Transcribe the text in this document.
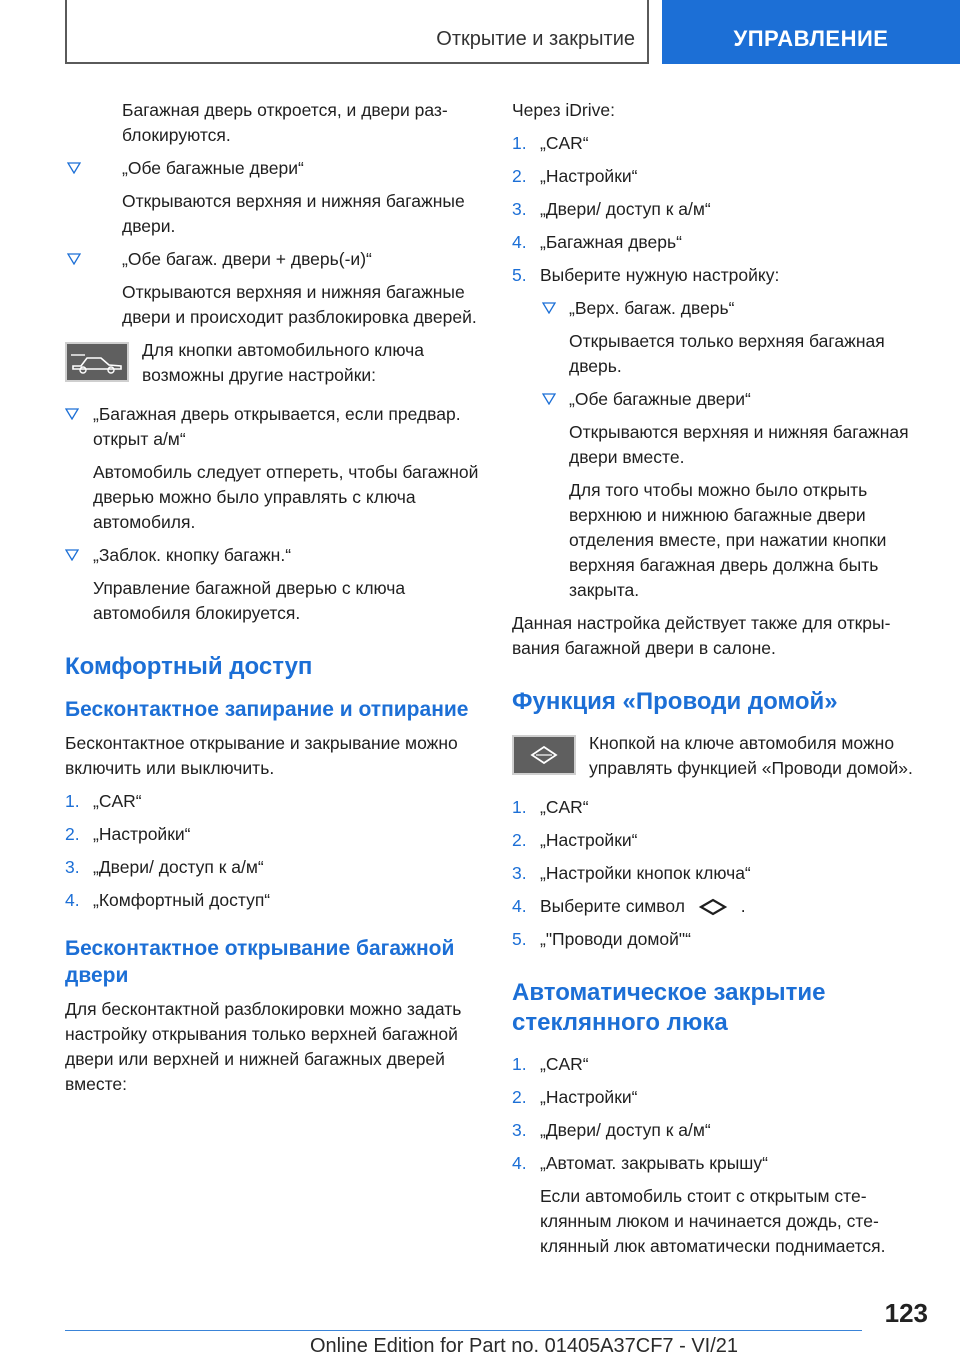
Открытие и закрытие	УПРАВЛЕНИЕ
Багажная дверь откроется, и двери разблокируются.
„Обе багажные двери“
Открываются верхняя и нижняя багажные двери.
„Обе багаж. двери + дверь(-и)“
Открываются верхняя и нижняя багажные двери и происходит разблокировка дверей.
Для кнопки автомобильного ключа возможны другие настройки:
„Багажная дверь открывается, если предвар. открыт а/м“
Автомобиль следует отпереть, чтобы багажной дверью можно было управлять с ключа автомобиля.
„Заблок. кнопку багажн.“
Управление багажной дверью с ключа автомобиля блокируется.
Комфортный доступ
Бесконтактное запирание и отпирание
Бесконтактное открывание и закрывание можно включить или выключить.
1. „CAR“
2. „Настройки“
3. „Двери/ доступ к а/м“
4. „Комфортный доступ“
Бесконтактное открывание багажной двери
Для бесконтактной разблокировки можно задать настройку открывания только верхней багажной двери или верхней и нижней багажных дверей вместе:
Через iDrive:
1. „CAR“
2. „Настройки“
3. „Двери/ доступ к а/м“
4. „Багажная дверь“
5. Выберите нужную настройку:
„Верх. багаж. дверь“
Открывается только верхняя багажная дверь.
„Обе багажные двери“
Открываются верхняя и нижняя багажная двери вместе.
Для того чтобы можно было открыть верхнюю и нижнюю багажные двери отделения вместе, при нажатии кнопки верхняя багажная дверь должна быть закрыта.
Данная настройка действует также для открывания багажной двери в салоне.
Функция «Проводи домой»
Кнопкой на ключе автомобиля можно управлять функцией «Проводи домой».
1. „CAR“
2. „Настройки“
3. „Настройки кнопок ключа“
4. Выберите символ	.
5. „"Проводи домой"“
Автоматическое закрытие стеклянного люка
1. „CAR“
2. „Настройки“
3. „Двери/ доступ к а/м“
4. „Автомат. закрывать крышу“
Если автомобиль стоит с открытым стеклянным люком и начинается дождь, стеклянный люк автоматически поднимается.
123
Online Edition for Part no. 01405A37CF7 - VI/21
